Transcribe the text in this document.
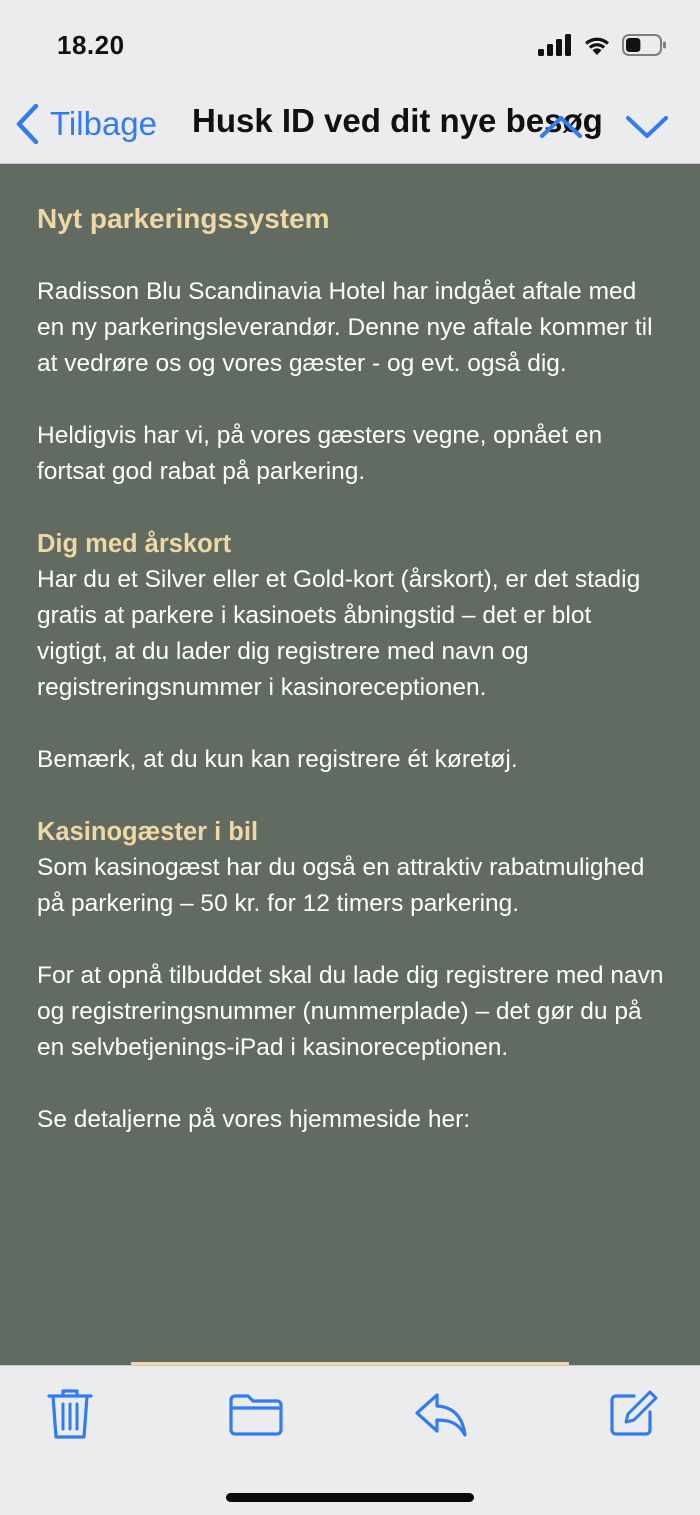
18.20
Tilbage Husk ID ved dit nye besøg
Nyt parkeringssystem
Radisson Blu Scandinavia Hotel har indgået aftale med en ny parkeringsleverandør. Denne nye aftale kommer til at vedrøre os og vores gæster - og evt. også dig.
Heldigvis har vi, på vores gæsters vegne, opnået en fortsat god rabat på parkering.
Dig med årskort
Har du et Silver eller et Gold-kort (årskort), er det stadig gratis at parkere i kasinoets åbningstid – det er blot vigtigt, at du lader dig registrere med navn og registreringsnummer i kasinoreceptionen.
Bemærk, at du kun kan registrere ét køretøj.
Kasinogæster i bil
Som kasinogæst har du også en attraktiv rabatmulighed på parkering – 50 kr. for 12 timers parkering.
For at opnå tilbuddet skal du lade dig registrere med navn og registreringsnummer (nummerplade) – det gør du på en selvbetjenings-iPad i kasinoreceptionen.
Se detaljerne på vores hjemmeside her:
